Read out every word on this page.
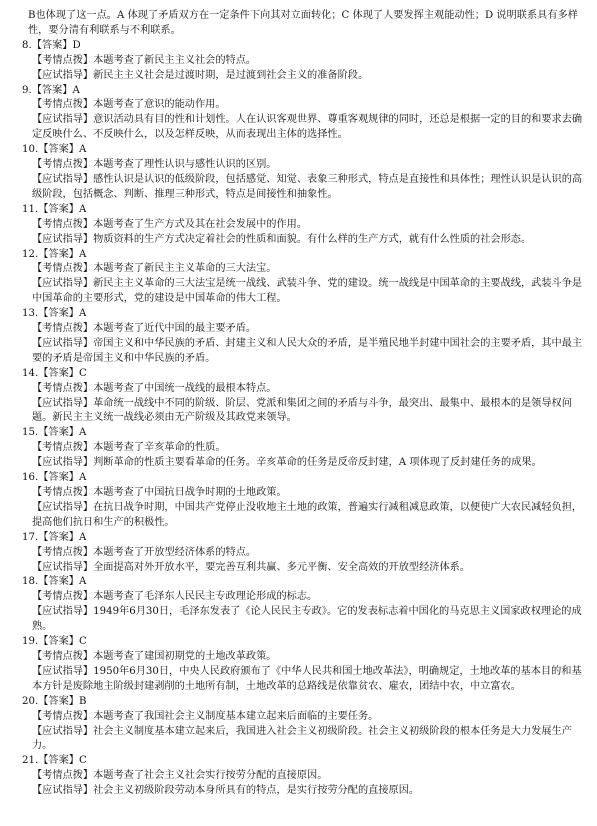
B也体现了这一点。A 体现了矛盾双方在一定条件下向其对立面转化；C 体现了人要发挥主观能动性；D 说明联系具有多样性，要分清有利联系与不利联系。

8.【答案】D

【考情点拨】本题考查了新民主主义社会的特点。

【应试指导】新民主主义社会是过渡时期，是过渡到社会主义的准备阶段。

9.【答案】A

【考情点拨】本题考查了意识的能动作用。

【应试指导】意识活动具有目的性和计划性。人在认识客观世界、尊重客观规律的同时，还总是根据一定的目的和要求去确定反映什么、不反映什么，以及怎样反映，从而表现出主体的选择性。

10.【答案】A

【考情点拨】本题考查了理性认识与感性认识的区别。

【应试指导】感性认识是认识的低级阶段，包括感觉、知觉、表象三种形式，特点是直接性和具体性；理性认识是认识的高级阶段，包括概念、判断、推理三种形式，特点是间接性和抽象性。

11.【答案】A

【考情点拨】本题考查了生产方式及其在社会发展中的作用。

【应试指导】物质资料的生产方式决定着社会的性质和面貌。有什么样的生产方式，就有什么性质的社会形态。

12.【答案】A

【考情点拨】本题考查了新民主主义革命的三大法宝。

【应试指导】新民主主义革命的三大法宝是统一战线、武装斗争、党的建设。统一战线是中国革命的主要战线，武装斗争是中国革命的主要形式，党的建设是中国革命的伟大工程。

13.【答案】A

【考情点拨】本题考查了近代中国的最主要矛盾。

【应试指导】帝国主义和中华民族的矛盾、封建主义和人民大众的矛盾，是半殖民地半封建中国社会的主要矛盾，其中最主要的矛盾是帝国主义和中华民族的矛盾。

14.【答案】C

【考情点拨】本题考查了中国统一战线的最根本特点。

【应试指导】革命统一战线中不同的阶级、阶层、党派和集团之间的矛盾与斗争，最突出、最集中、最根本的是领导权问题。新民主主义统一战线必须由无产阶级及其政党来领导。

15.【答案】A

【考情点拨】本题考查了辛亥革命的性质。

【应试指导】判断革命的性质主要看革命的任务。辛亥革命的任务是反帝反封建，A 项体现了反封建任务的成果。

16.【答案】A

【考情点拨】本题考查了中国抗日战争时期的土地政策。

【应试指导】在抗日战争时期，中国共产党停止没收地主土地的政策，普遍实行减租减息政策，以便使广大农民减轻负担，提高他们抗日和生产的积极性。

17.【答案】A

【考情点拨】本题考查了开放型经济体系的特点。

【应试指导】全面提高对外开放水平，要完善互利共赢、多元平衡、安全高效的开放型经济体系。

18.【答案】A

【考情点拨】本题考查了毛泽东人民民主专政理论形成的标志。

【应试指导】1949年6月30日，毛泽东发表了《论人民民主专政》。它的发表标志着中国化的马克思主义国家政权理论的成熟。

19.【答案】C

【考情点拨】本题考查了建国初期党的土地改革政策。

【应试指导】1950年6月30日，中央人民政府颁布了《中华人民共和国土地改革法》，明确规定，土地改革的基本目的和基本方针是废除地主阶级封建剥削的土地所有制，土地改革的总路线是依靠贫农、雇农，团结中农，中立富农。

20.【答案】B

【考情点拨】本题考查了我国社会主义制度基本建立起来后面临的主要任务。

【应试指导】社会主义制度基本建立起来后，我国进入社会主义初级阶段。社会主义初级阶段的根本任务是大力发展生产力。

21.【答案】C

【考情点拨】本题考查了社会主义社会实行按劳分配的直接原因。

【应试指导】社会主义初级阶段劳动本身所具有的特点，是实行按劳分配的直接原因。
